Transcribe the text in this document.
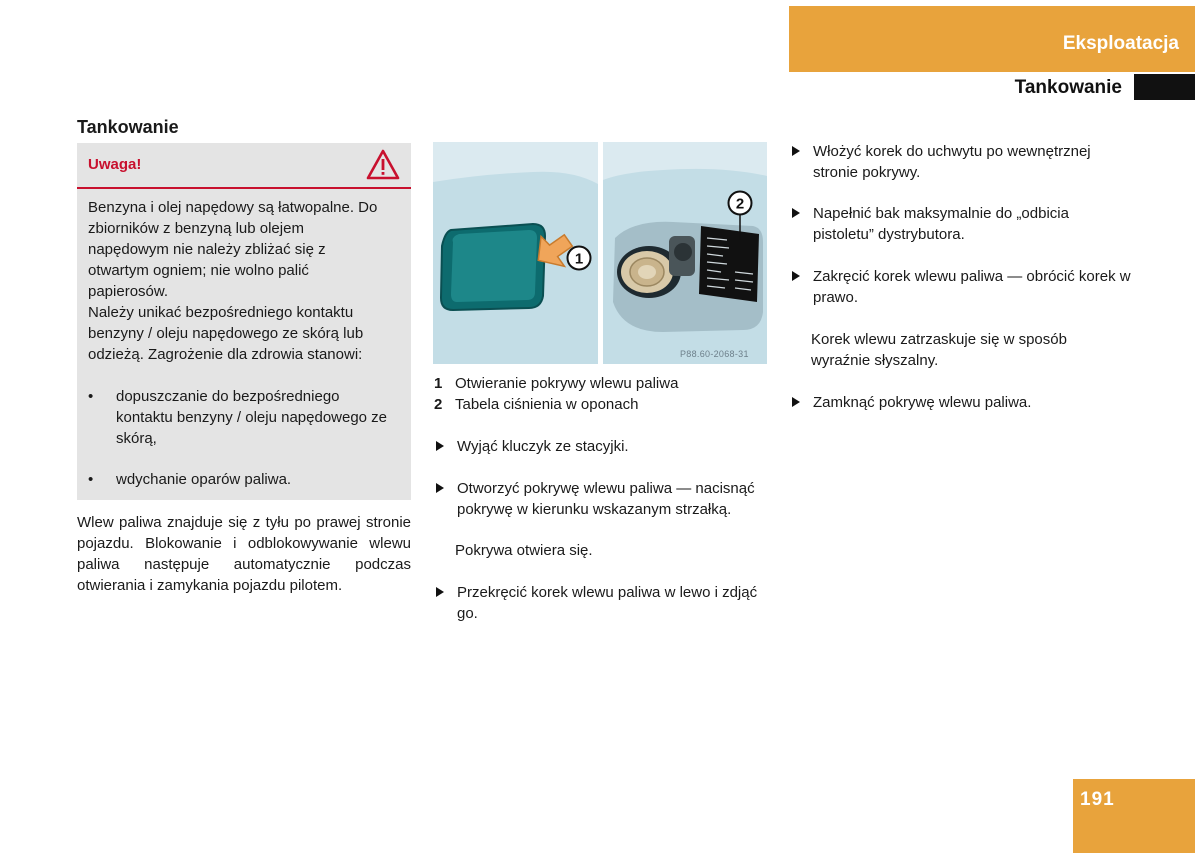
Eksploatacja
Tankowanie
Tankowanie
Uwaga!
Benzyna i olej napędowy są łatwopalne. Do zbiorników z benzyną lub olejem napędowym nie należy zbliżać się z otwartym ogniem; nie wolno palić papierosów.
Należy unikać bezpośredniego kontaktu benzyny / oleju napędowego ze skórą lub odzieżą. Zagrożenie dla zdrowia stanowi:
• dopuszczanie do bezpośredniego kontaktu benzyny / oleju napędowego ze skórą,
• wdychanie oparów paliwa.
Wlew paliwa znajduje się z tyłu po prawej stronie pojazdu. Blokowanie i odblokowywanie wlewu paliwa następuje automatycznie podczas otwierania i zamykania pojazdu pilotem.
1
2
P88.60-2068-31
1 Otwieranie pokrywy wlewu paliwa
2 Tabela ciśnienia w oponach
Wyjąć kluczyk ze stacyjki.
Otworzyć pokrywę wlewu paliwa — nacisnąć pokrywę w kierunku wskazanym strzałką.
Pokrywa otwiera się.
Przekręcić korek wlewu paliwa w lewo i zdjąć go.
Włożyć korek do uchwytu po wewnętrznej stronie pokrywy.
Napełnić bak maksymalnie do „odbicia pistoletu” dystrybutora.
Zakręcić korek wlewu paliwa — obrócić korek w prawo.
Korek wlewu zatrzaskuje się w sposób wyraźnie słyszalny.
Zamknąć pokrywę wlewu paliwa.
191
